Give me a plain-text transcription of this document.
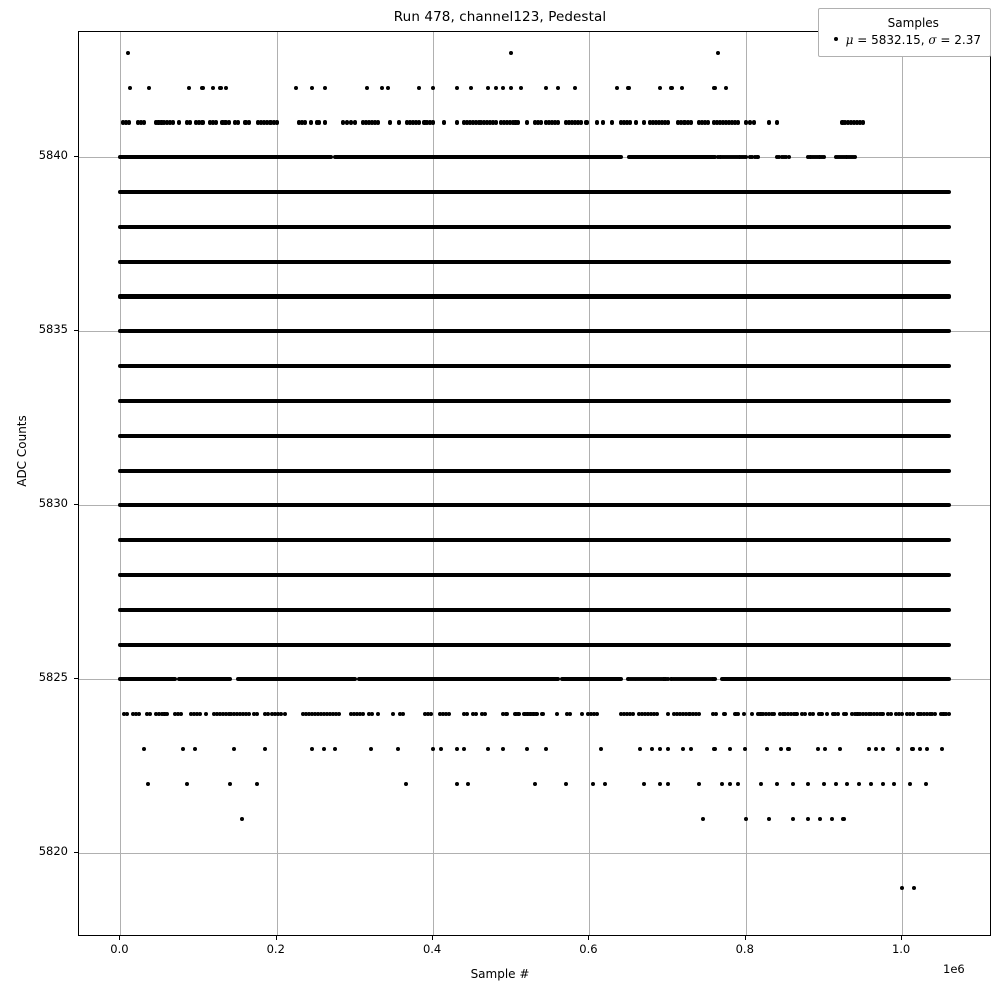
Run 478, channel123, Pedestal
0.0	0.2	0.4	0.6	0.8	1.0
5820
5825
5830
5835
5840
1e6
Sample #
ADC Counts
Samples
μ = 5832.15, σ = 2.37
